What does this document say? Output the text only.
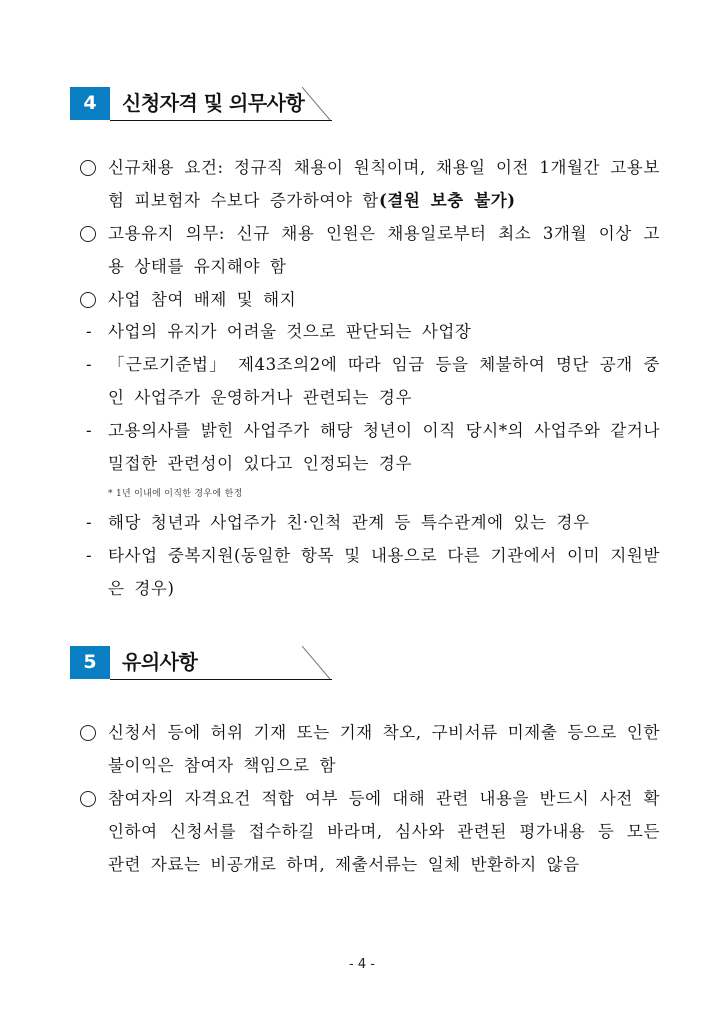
4	신청자격 및 의무사항
신규채용 요건: 정규직 채용이 원칙이며, 채용일 이전 1개월간 고용보험 피보험자 수보다 증가하여야 함(결원 보충 불가)
고용유지 의무: 신규 채용 인원은 채용일로부터 최소 3개월 이상 고용 상태를 유지해야 함
사업 참여 배제 및 해지
- 사업의 유지가 어려울 것으로 판단되는 사업장
- 「근로기준법」 제43조의2에 따라 임금 등을 체불하여 명단 공개 중인 사업주가 운영하거나 관련되는 경우
- 고용의사를 밝힌 사업주가 해당 청년이 이직 당시*의 사업주와 같거나 밀접한 관련성이 있다고 인정되는 경우
* 1년 이내에 이직한 경우에 한정
- 해당 청년과 사업주가 친·인척 관계 등 특수관계에 있는 경우
- 타사업 중복지원(동일한 항목 및 내용으로 다른 기관에서 이미 지원받은 경우)
5	유의사항
신청서 등에 허위 기재 또는 기재 착오, 구비서류 미제출 등으로 인한 불이익은 참여자 책임으로 함
참여자의 자격요건 적합 여부 등에 대해 관련 내용을 반드시 사전 확인하여 신청서를 접수하길 바라며, 심사와 관련된 평가내용 등 모든 관련 자료는 비공개로 하며, 제출서류는 일체 반환하지 않음
- 4 -
